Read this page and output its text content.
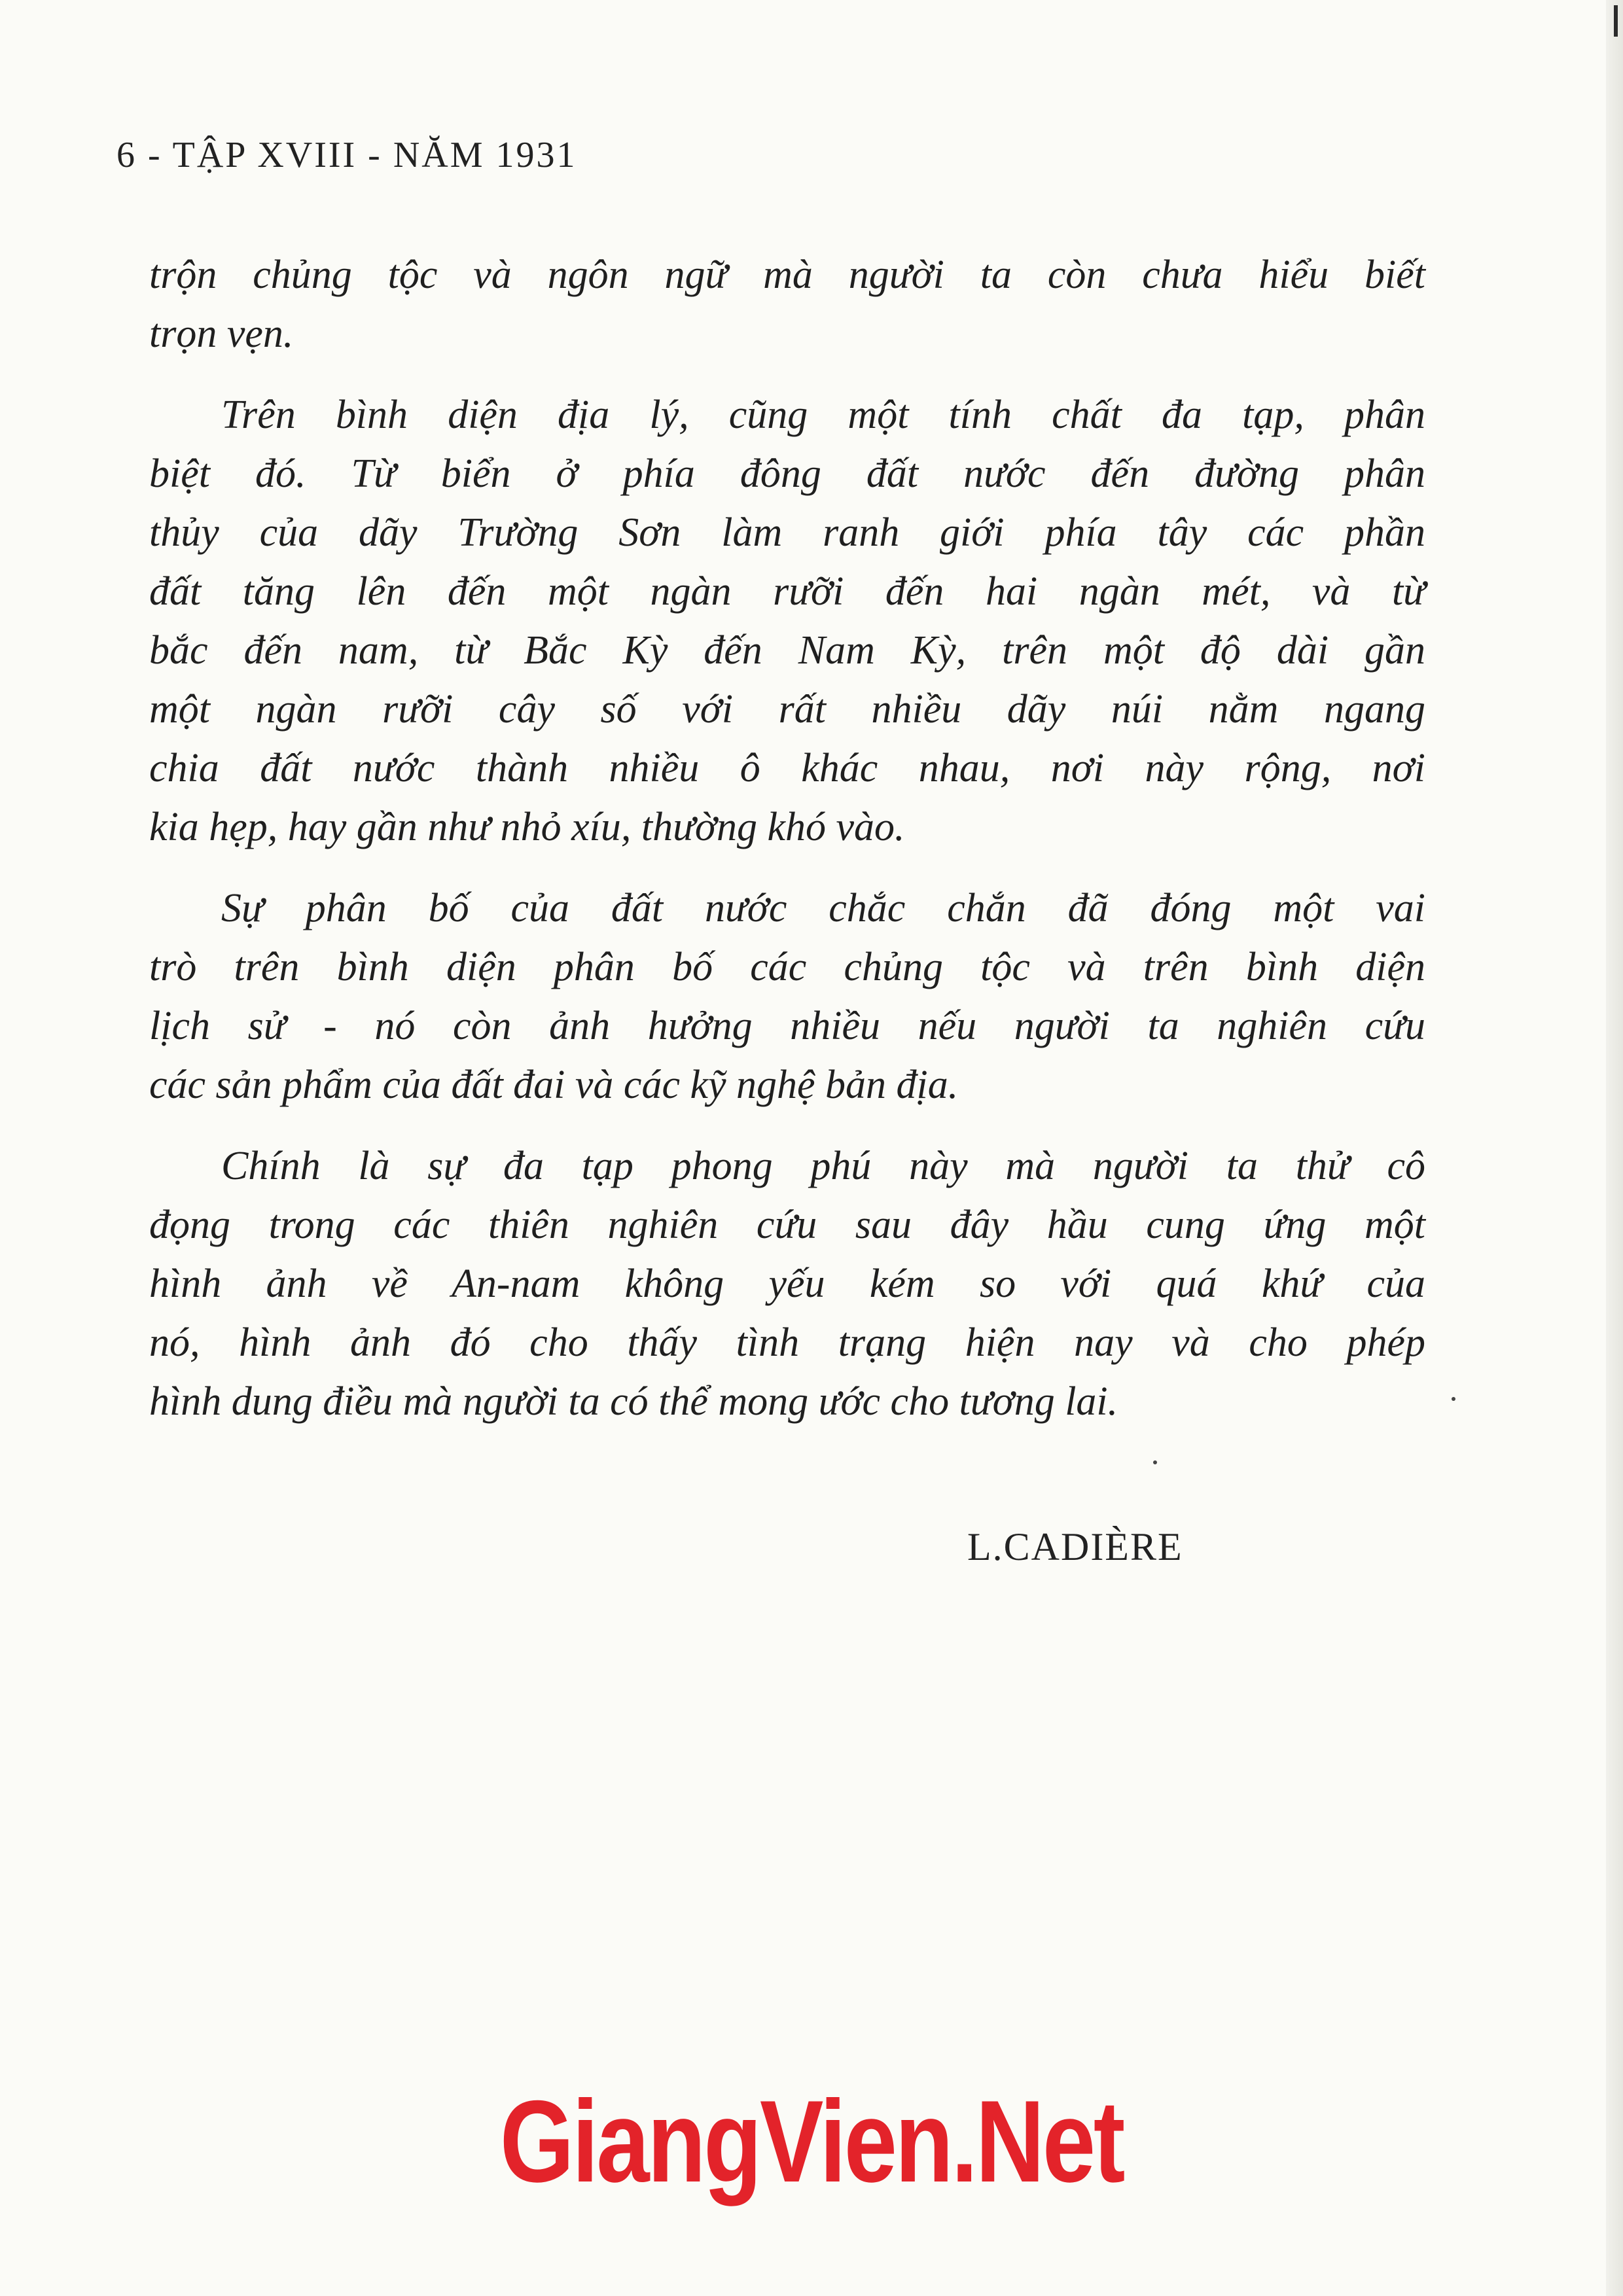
6 - TẬP XVIII - NĂM 1931
trộn chủng tộc và ngôn ngữ mà người ta còn chưa hiểu biết
trọn vẹn.
Trên bình diện địa lý, cũng một tính chất đa tạp, phân
biệt đó. Từ biển ở phía đông đất nước đến đường phân
thủy của dãy Trường Sơn làm ranh giới phía tây các phần
đất tăng lên đến một ngàn rưỡi đến hai ngàn mét, và từ
bắc đến nam, từ Bắc Kỳ đến Nam Kỳ, trên một độ dài gần
một ngàn rưỡi cây số với rất nhiều dãy núi nằm ngang
chia đất nước thành nhiều ô khác nhau, nơi này rộng, nơi
kia hẹp, hay gần như nhỏ xíu, thường khó vào.
Sự phân bố của đất nước chắc chắn đã đóng một vai
trò trên bình diện phân bố các chủng tộc và trên bình diện
lịch sử - nó còn ảnh hưởng nhiều nếu người ta nghiên cứu
các sản phẩm của đất đai và các kỹ nghệ bản địa.
Chính là sự đa tạp phong phú này mà người ta thử cô
đọng trong các thiên nghiên cứu sau đây hầu cung ứng một
hình ảnh về An-nam không yếu kém so với quá khứ của
nó, hình ảnh đó cho thấy tình trạng hiện nay và cho phép
hình dung điều mà người ta có thể mong ước cho tương lai.
L.CADIÈRE
GiangVien.Net
